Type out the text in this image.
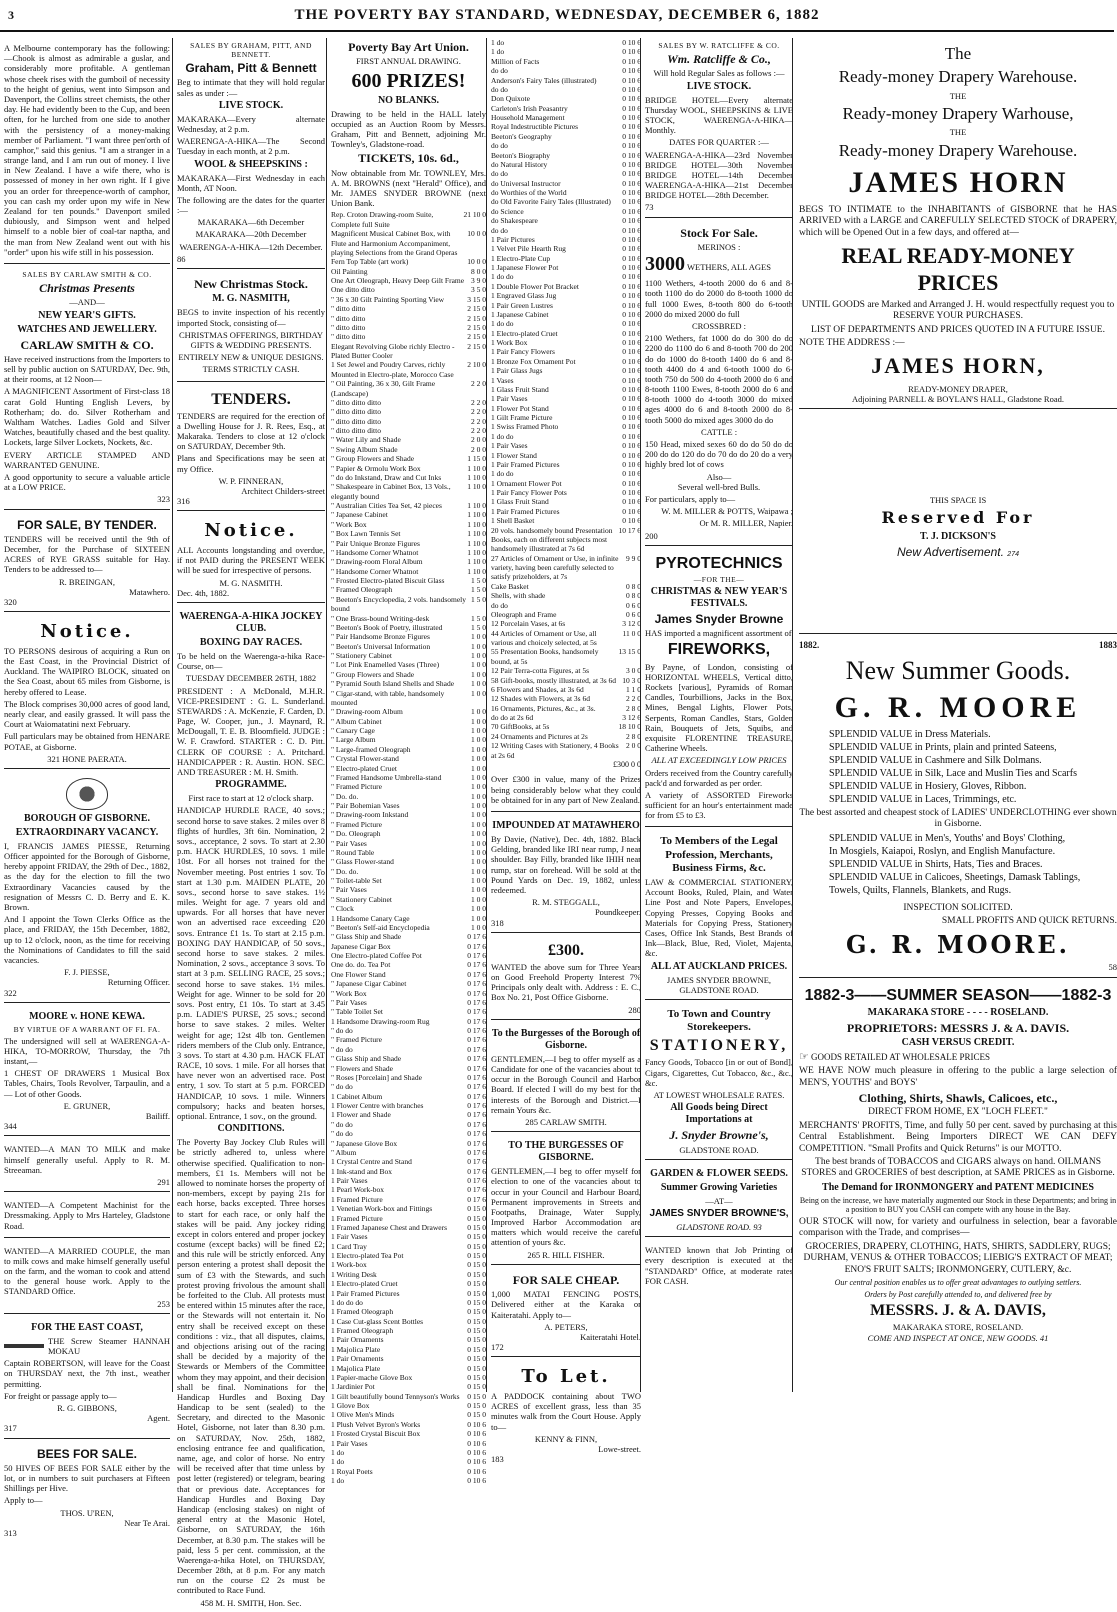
3	THE POVERTY BAY STANDARD, WEDNESDAY, DECEMBER 6, 1882

A Melbourne contemporary has the following:—Chook is almost as admirable a guslar, and considerably more profitable. A gentleman whose cheek rises with the gumboil of necessity to the height of genius, went into Simpson and Davenport, the Collins street chemists, the other day. He had evidently been to the Cup, and been often, for he lurched from one side to another with the persistency of a money-making member of Parliament. "I want three pen'orth of camphor," said this genius. "I am a stranger in a strange land, and I am run out of money. I live in New Zealand. I have a wife there, who is possessed of money in her own right. If I give you an order for threepence-worth of camphor, you can cash my order upon my wife in New Zealand for ten pounds." Davenport smiled dubiously, and Simpson went and helped himself to a noble bier of coal-tar naptha, and the man from New Zealand went out with his "order" upon his wife still in his possession.

SALES BY CARLAW SMITH & CO.
Christmas Presents
—AND—
NEW YEAR'S GIFTS.
WATCHES AND JEWELLERY.
CARLAW SMITH & CO.

Have received instructions from the Importers to sell by public auction on SATURDAY, Dec. 9th, at their rooms, at 12 Noon—

A MAGNIFICENT Assortment of First-class 18 carat Gold Hunting English Levers, by Rotherham; do. do. Silver Rotherham and Waltham Watches. Ladies Gold and Silver Watches, beautifully chased and the best quality. Lockets, large Silver Lockets, Nockets, &c.

EVERY ARTICLE STAMPED AND WARRANTED GENUINE.

A good opportunity to secure a valuable article at a LOW PRICE.

323
FOR SALE, BY TENDER.

TENDERS will be received until the 9th of December, for the Purchase of SIXTEEN ACRES of RYE GRASS suitable for Hay. Tenders to be addressed to—

R. BREINGAN,
Matawhero.
320
Notice.

TO PERSONS desirous of acquiring a Run on the East Coast, in the Provincial District of Auckland. The WAIPIRO BLOCK, situated on the Sea Coast, about 65 miles from Gisborne, is hereby offered to Lease.

The Block comprises 30,000 acres of good land, nearly clear, and easily grassed. It will pass the Court at Waiomatatini next February.

Full particulars may be obtained from HENARE POTAE, at Gisborne.

321 HONE PAERATA.
BOROUGH OF GISBORNE.
EXTRAORDINARY VACANCY.

I, FRANCIS JAMES PIESSE, Returning Officer appointed for the Borough of Gisborne, hereby appoint FRIDAY, the 29th of Dec., 1882, as the day for the election to fill the two Extraordinary Vacancies caused by the resignation of Messrs C. D. Berry and E. K. Brown.

And I appoint the Town Clerks Office as the place, and FRIDAY, the 15th December, 1882, up to 12 o'clock, noon, as the time for receiving the Nominations of Candidates to fill the said vacancies.

F. J. PIESSE,
Returning Officer.
322
MOORE v. HONE KEWA.
BY VIRTUE OF A WARRANT OF FI. FA.

The undersigned will sell at WAERENGA-A-HIKA, TO-MORROW, Thursday, the 7th instant,—

1 CHEST OF DRAWERS 1 Musical Box Tables, Chairs, Tools Revolver, Tarpaulin, and a— Lot of other Goods.

E. GRUNER,
Bailiff.
344

WANTED—A MAN TO MILK and make himself generally useful. Apply to R. M. Streeaman.

291

WANTED—A Competent Machinist for the Dressmaking. Apply to Mrs Harteley, Gladstone Road.

WANTED—A MARRIED COUPLE, the man to milk cows and make himself generally useful on the farm, and the woman to cook and attend to the general house work. Apply to the STANDARD Office.

253
FOR THE EAST COAST,

THE Screw Steamer HANNAH MOKAU

Captain ROBERTSON, will leave for the Coast on THURSDAY next, the 7th inst., weather permitting.

For freight or passage apply to—

R. G. GIBBONS,
Agent.
317
BEES FOR SALE.

50 HIVES OF BEES FOR SALE either by the lot, or in numbers to suit purchasers at Fifteen Shillings per Hive.

Apply to—

THOS. U'REN,
Near Te Arai.
313
SALES BY GRAHAM, PITT, AND BENNETT.
Graham, Pitt & Bennett

Beg to intimate that they will hold regular sales as under :—

LIVE STOCK.

MAKARAKA—Every alternate Wednesday, at 2 p.m.

WAERENGA-A-HIKA—The Second Tuesday in each month, at 2 p.m.

WOOL & SHEEPSKINS :

MAKARAKA—First Wednesday in each Month, AT Noon.

The following are the dates for the quarter :—

MAKARAKA—6th December

MAKARAKA—20th December

WAERENGA-A-HIKA—12th December.

86
New Christmas Stock.
M. G. NASMITH,

BEGS to invite inspection of his recently imported Stock, consisting of—

CHRISTMAS OFFERINGS, BIRTHDAY GIFTS & WEDDING PRESENTS.

ENTIRELY NEW & UNIQUE DESIGNS.

TERMS STRICTLY CASH.

TENDERS.

TENDERS are required for the erection of a Dwelling House for J. R. Rees, Esq., at Makaraka. Tenders to close at 12 o'clock on SATURDAY, December 9th.

Plans and Specifications may be seen at my Office.

W. P. FINNERAN,
Architect Childers-street
316
Notice.

ALL Accounts longstanding and overdue, if not PAID during the PRESENT WEEK will be sued for irrespective of persons.

M. G. NASMITH.
Dec. 4th, 1882.
WAERENGA-A-HIKA JOCKEY CLUB.
BOXING DAY RACES.

To be held on the Waerenga-a-hika Race-Course, on—

TUESDAY DECEMBER 26TH, 1882

PRESIDENT : A McDonald, M.H.R. VICE-PRESIDENT : G. L. Sunderland. STEWARDS : A. McKenzie, F. Carden, D. Page, W. Cooper, jun., J. Maynard, R. McDougall, T. E. B. Bloomfield. JUDGE : W. F. Crawford. STARTER : C. D. Pitt. CLERK OF COURSE : A. Pritchard. HANDICAPPER : R. Austin. HON. SEC. AND TREASURER : M. H. Smith.

PROGRAMME.

First race to start at 12 o'clock sharp.

HANDICAP HURDLE RACE, 40 sovs.; second horse to save stakes. 2 miles over 8 flights of hurdles, 3ft 6in. Nomination, 2 sovs., acceptance, 2 sovs. To start at 2.30 p.m. HACK HURDLES, 10 sovs. 1 mile 10st. For all horses not trained for the November meeting. Post entries 1 sov. To start at 1.30 p.m. MAIDEN PLATE, 20 sovs., second horse to save stakes. 1½ miles. Weight for age. 7 years old and upwards. For all horses that have never won an advertised race exceeding £20 sovs. Entrance £1 1s. To start at 2.15 p.m. BOXING DAY HANDICAP, of 50 sovs., second horse to save stakes. 2 miles. Nomination, 2 sovs., acceptance 3 sovs. To start at 3 p.m. SELLING RACE, 25 sovs.; second horse to save stakes. 1½ miles. Weight for age. Winner to be sold for 20 sovs. Post entry, £1 10s. To start at 3.45 p.m. LADIE'S PURSE, 25 sovs.; second horse to save stakes. 2 miles. Welter weight for age; 12st 4lb ton. Gentlemen riders members of the Club only. Entrance, 3 sovs. To start at 4.30 p.m. HACK FLAT RACE, 10 sovs. 1 mile. For all horses that have never won an advertised race. Post entry, 1 sov. To start at 5 p.m. FORCED HANDICAP, 10 sovs. 1 mile. Winners compulsory; hacks and beaten horses, optional. Entrance, 1 sov., on the ground.

CONDITIONS.

The Poverty Bay Jockey Club Rules will be strictly adhered to, unless where otherwise specified. Qualification to non-members, £1 1s. Members will not be allowed to nominate horses the property of non-members, except by paying 21s for each horse, backs excepted. Three horses to start for each race, or only half the stakes will be paid. Any jockey riding except in colors entered and proper jockey costume (except backs) will be fined £2; and this rule will be strictly enforced. Any person entering a protest shall deposit the sum of £3 with the Stewards, and such protest proving frivolous the amount shall be forfeited to the Club. All protests must be entered within 15 minutes after the race, or the Stewards will not entertain it. No entry shall be received except on these conditions : viz., that all disputes, claims, and objections arising out of the racing shall be decided by a majority of the Stewards or Members of the Committee whom they may appoint, and their decision shall be final. Nominations for the Handicap Hurdles and Boxing Day Handicap to be sent (sealed) to the Secretary, and directed to the Masonic Hotel, Gisborne, not later than 8.30 p.m. on SATURDAY, Nov. 25th, 1882, enclosing entrance fee and qualification, name, age, and color of horse. No entry will be received after that time unless by post letter (registered) or telegram, bearing that or previous date. Acceptances for Handicap Hurdles and Boxing Day Handicap (enclosing stakes) on night of general entry at the Masonic Hotel, Gisborne, on SATURDAY, the 16th December, at 8.30 p.m. The stakes will be paid, less 5 per cent. commission, at the Waerenga-a-hika Hotel, on THURSDAY, December 28th, at 8 p.m. For any match run on the course £2 2s must be contributed to Race Fund.

458 M. H. SMITH, Hon. Sec.
Poverty Bay Art Union.
FIRST ANNUAL DRAWING.
600 PRIZES!
NO BLANKS.

Drawing to be held in the HALL lately occupied as an Auction Room by Messrs. Graham, Pitt and Bennett, adjoining Mr. Townley's, Gladstone-road.

TICKETS, 10s. 6d.,

Now obtainable from Mr. TOWNLEY, Mrs. A. M. BROWNS (next "Herald" Office), and Mr. JAMES SNYDER BROWNE (next Union Bank.

Rep. Croton Drawing-room Suite, Complete full Suite
21 10 0
Magnificent Musical Cabinet Box, with Flute and Harmonium Accompaniment, playing Selections from the Grand Operas
10 0 0
Fern Top Table (art work)	10 0 0
Oil Painting	8 0 0
One Art Oleograph, Heavy Deep Gilt Frame 3 9 0
One ditto ditto	3 5 0
" 36 x 30 Gilt Painting Sporting View	3 15 0
" ditto ditto	2 15 0
" ditto ditto	2 15 0
" ditto ditto	2 15 0
" ditto ditto	2 15 0
Elegant Revolving Globe richly Electro - Plated Butter Cooler
2 15 0
1 Set Jewel and Poudry Carves, richly Mounted in Electro-plate, Morocco Case
2 10 0
" Oil Painting, 36 x 30, Gilt Frame (Landscape)
2 2 0
" ditto ditto ditto	2 2 0
" ditto ditto ditto	2 2 0
" ditto ditto ditto	2 2 0
" ditto ditto ditto	2 2 0
" Water Lily and Shade	2 0 0
" Swing Album Shade	2 0 0
" Group Flowers and Shade	1 15 0
" Papier & Ormolu Work Box	1 10 0
" do do Inkstand, Draw and Cut Inks	1 10 0
" Shakespeare in Cabinet Box, 13 Vols., elegantly bound
1 10 0
" Australian Cities Tea Set, 42 pieces	1 10 0
" Japanese Cabinet	1 10 0
" Work Box	1 10 0
" Box Lawn Tennis Set	1 10 0
" Pair Unique Bronze Figures	1 10 0
" Handsome Corner Whatnot	1 10 0
" Drawing-room Floral Album	1 10 0
" Handsome Corner Whatnot	1 10 0
" Frosted Electro-plated Biscuit Glass	1 5 0
" Framed Oleograph	1 5 0
" Beeton's Encyclopedia, 2 vols. handsomely bound
1 5 0
" One Brass-bound Writing-desk	1 5 0
" Beeton's Book of Poetry, illustrated	1 5 0
" Pair Handsome Bronze Figures	1 0 0
" Beeton's Universal Information	1 0 0
" Stationery Cabinet	1 0 0
" Lot Pink Enamelled Vases (Three)	1 0 0
" Group Flowers and Shade	1 0 0
" Pyramid South Island Shells and Shade	1 0 0
" Cigar-stand, with table, handsomely mounted
1 0 0
" Drawing-room Album	1 0 0
" Album Cabinet	1 0 0
" Canary Cage	1 0 0
" Large Album	1 0 0
" Large-framed Oleograph	1 0 0
" Crystal Flower-stand	1 0 0
" Electro-plated Cruet	1 0 0
" Framed Handsome Umbrella-stand	1 0 0
" Framed Picture	1 0 0
" Do. do.	1 0 0
" Pair Bohemian Vases	1 0 0
" Drawing-room Inkstand	1 0 0
" Framed Picture	1 0 0
" Do. Oleograph	1 0 0
" Pair Vases	1 0 0
" Round Table	1 0 0
" Glass Flower-stand	1 0 0
" Do. do.	1 0 0
" Toilet-table Set	1 0 0
" Pair Vases	1 0 0
" Stationery Cabinet	1 0 0
" Clock	1 0 0
1 Handsome Canary Cage	1 0 0
" Beeton's Self-aid Encyclopedia	1 0 0
" Glass Ship and Shade	0 17 6
Japanese Cigar Box	0 17 6
One Electro-plated Coffee Pot	0 17 6
One do. do. Tea Pot	0 17 6
One Flower Stand	0 17 6
" Japanese Cigar Cabinet	0 17 6
" Work Box	0 17 6
" Pair Vases	0 17 6
" Table Toilet Set	0 17 6
1 Handsome Drawing-room Rug	0 17 6
" do do	0 17 6
" Framed Picture	0 17 6
" do do	0 17 6
" Glass Ship and Shade	0 17 6
" Flowers and Shade	0 17 6
" Roses [Porcelain] and Shade	0 17 6
" do do	0 17 6
1 Cabinet Album	0 17 6
1 Flower Centre with branches	0 17 6
1 Flower and Shade	0 17 6
" do do	0 17 6
" do do	0 17 6
" Japanese Glove Box	0 17 6
" Album	0 17 6
1 Crystal Centre and Stand	0 17 6
1 Ink-stand and Box	0 17 6
1 Pair Vases	0 17 6
1 Pearl Work-box	0 17 6
1 Framed Picture	0 17 6
1 Venetian Work-box and Fittings	0 15 0
1 Framed Picture	0 15 0
1 Framed Japanese Chest and Drawers	0 15 0
1 Fair Vases	0 15 0
1 Card Tray	0 15 0
1 Electro-plated Tea Pot	0 15 0
1 Work-box	0 15 0
1 Writing Desk	0 15 0
1 Electro-plated Cruet	0 15 0
1 Pair Framed Pictures	0 15 0
1 do do do	0 15 0
1 Framed Oleograph	0 15 0
1 Case Cut-glass Scent Bottles	0 15 0
1 Framed Oleograph	0 15 0
1 Pair Ornaments	0 15 0
1 Majolica Plate	0 15 0
1 Pair Ornaments	0 15 0
1 Majolica Plate	0 15 0
1 Papier-mache Glove Box	0 15 0
1 Jardinier Pot	0 15 0
1 Gilt beautifully bound Tennyson's Works	0 15 0
1 Glove Box	0 15 0
1 Olive Men's Minds	0 15 0
1 Plush Velvet Byron's Works	0 10 6
1 Frosted Crystal Biscuit Box	0 10 6
1 Pair Vases	0 10 6
1 do	0 10 6
1 do	0 10 6
1 Royal Poets	0 10 6
1 do	0 10 6
1 do	0 10 6
1 do	0 10 6
Million of Facts	0 10 6
do do	0 10 6
Anderson's Fairy Tales (illustrated)	0 10 6
do do	0 10 6
Don Quixote	0 10 6
Carleton's Irish Peasantry	0 10 6
Household Management	0 10 6
Royal Indestructible Pictures	0 10 6
Beeton's Geography	0 10 6
do do	0 10 6
Beeton's Biography	0 10 6
do Natural History	0 10 6
do do	0 10 6
do Universal Instructor	0 10 6
do Worthies of the World	0 10 6
do Old Favorite Fairy Tales (Illustrated)	0 10 6
do Science	0 10 6
do Shakespeare	0 10 6
do do	0 10 6
1 Pair Pictures	0 10 6
1 Velvet Pile Hearth Rug	0 10 6
1 Electro-Plate Cup	0 10 6
1 Japanese Flower Pot	0 10 6
1 do do	0 10 6
1 Double Flower Pot Bracket	0 10 6
1 Engraved Glass Jug	0 10 6
1 Pair Green Lustres	0 10 6
1 Japanese Cabinet	0 10 6
1 do do	0 10 6
1 Electro-plated Cruet	0 10 6
1 Work Box	0 10 6
1 Pair Fancy Flowers	0 10 6
1 Bronze Fox Ornament Pot	0 10 6
1 Pair Glass Jugs	0 10 6
1 Vases	0 10 6
1 Glass Fruit Stand	0 10 6
1 Pair Vases	0 10 6
1 Flower Pot Stand	0 10 6
1 Gilt Frame Picture	0 10 6
1 Swiss Framed Photo	0 10 6
1 do do	0 10 6
1 Pair Vases	0 10 6
1 Flower Stand	0 10 6
1 Pair Framed Pictures	0 10 6
1 do do	0 10 6
1 Ornament Flower Pot	0 10 6
1 Pair Fancy Flower Pots	0 10 6
1 Glass Fruit Stand	0 10 6
1 Pair Framed Pictures	0 10 6
1 Shell Basket	0 10 6
20 vols. handsomely bound Presentation Books, each on different subjects most handsomely illustrated at 7s 6d
10 17 6
27 Articles of Ornament or Use, in infinite variety, having been carefully selected to satisfy prizeholders, at 7s
9 9 0
Cake Basket	0 8 0
Shells, with shade	0 8 0
do do	0 6 0
Oleograph and Frame	0 6 0
12 Porcelain Vases, at 6s	3 12 0
44 Articles of Ornament or Use, all various and choicely selected, at 5s
11 0 0
55 Presentation Books, handsomely bound, at 5s
13 15 0
12 Pair Terra-cotta Figures, at 5s	3 0 0
58 Gift-books, mostly illustrated, at 3s 6d 10 3 0
6 Flowers and Shades, at 3s 6d	1 1 0
12 Shades with Flowers, at 3s 6d	2 2 0
16 Ornaments, Pictures, &c., at 3s.	2 8 0
do do at 2s 6d	3 12 6
70 GiftBooks, at 5s	18 10 0
24 Ornaments and Pictures at 2s	2 8 0
12 Writing Cases with Stationery, 4 Books at 2s 6d
2 0 0
£300 0 0

Over £300 in value, many of the Prizes being considerably below what they could be obtained for in any part of New Zealand.

IMPOUNDED AT MATAWHERO

By Davie, (Native), Dec. 4th, 1882. Black Gelding, branded like IRI near rump, J near shoulder. Bay Filly, branded like IHIH near rump, star on forehead. Will be sold at the Pound Yards on Dec. 19, 1882, unless redeemed.

R. M. STEGGALL,
Poundkeeper.
318
£300.

WANTED the above sum for Three Years on Good Freehold Property Interest 7% Principals only dealt with. Address : E. C., Box No. 21, Post Office Gisborne.

280
To the Burgesses of the Borough of Gisborne.

GENTLEMEN,—I beg to offer myself as a Candidate for one of the vacancies about to occur in the Borough Council and Harbor Board. If elected I will do my best for the interests of the Borough and District.—I remain Yours &c.

285 CARLAW SMITH.
TO THE BURGESSES OF GISBORNE.

GENTLEMEN,—I beg to offer myself for election to one of the vacancies about to occur in your Council and Harbour Board, Permanent improvements in Streets and Footpaths, Drainage, Water Supply, Improved Harbor Accommodation are matters which would receive the careful attention of yours &c.

265 R. HILL FISHER.
FOR SALE CHEAP.

1,000 MATAI FENCING POSTS, Delivered either at the Karaka or Kaiteratahi. Apply to—

A. PETERS,
Kaiteratahi Hotel.
172
To Let.

A PADDOCK containing about TWO ACRES of excellent grass, less than 35 minutes walk from the Court House. Apply to—

KENNY & FINN,
Lowe-street.
183
SALES BY W. RATCLIFFE & CO.
Wm. Ratcliffe & Co.,

Will hold Regular Sales as follows :—

LIVE STOCK.

BRIDGE HOTEL—Every alternate Thursday WOOL, SHEEPSKINS & LIVE STOCK, WAERENGA-A-HIKA—Monthly.

DATES FOR QUARTER :—

WAERENGA-A-HIKA—23rd November BRIDGE HOTEL—30th November BRIDGE HOTEL—14th December WAERENGA-A-HIKA—21st December BRIDGE HOTEL—28th December.

73
Stock For Sale.
MERINOS :
3000 WETHERS, ALL AGES

1100 Wethers, 4-tooth 2000 do 6 and 8-tooth 1100 do do 2000 do 8-tooth 1000 do full 1000 Ewes, 8-tooth 800 do 6-tooth 2000 do mixed 2000 do full

CROSSBRED :

2100 Wethers, fat 1000 do do 300 do do 2200 do 1100 do 6 and 8-tooth 700 do 200 do do 1000 do 8-tooth 1400 do 6 and 8-tooth 4400 do 4 and 6-tooth 1000 do 6-tooth 750 do 500 do 4-tooth 2000 do 6 and 8-tooth 1100 Ewes, 8-tooth 2000 do 6 and 8-tooth 1000 do 4-tooth 3000 do mixed ages 4000 do 6 and 8-tooth 2000 do 8-tooth 5000 do mixed ages 3000 do do

CATTLE :

150 Head, mixed sexes 60 do do 50 do do 200 do do 120 do do 70 do do 20 do a very highly bred lot of cows

Also—
Several well-bred Bulls.

For particulars, apply to—

W. M. MILLER & POTTS, Waipawa ;

Or M. R. MILLER, Napier.

200
PYROTECHNICS
—FOR THE—
CHRISTMAS & NEW YEAR'S FESTIVALS.
James Snyder Browne

HAS imported a magnificent assortment of

FIREWORKS,

By Payne, of London, consisting of HORIZONTAL WHEELS, Vertical ditto, Rockets [various], Pyramids of Roman Candles, Tourbillions, Jacks in the Box, Mines, Bengal Lights, Flower Pots, Serpents, Roman Candles, Stars, Golden Rain, Bouquets of Jets, Squibs, and exquisite FLORENTINE TREASURE, Catherine Wheels.

ALL AT EXCEEDINGLY LOW PRICES

Orders received from the Country carefully pack'd and forwarded as per order.

A variety of ASSORTED Fireworks sufficient for an hour's entertainment made for from £5 to £3.

To Members of the Legal Profession, Merchants, Business Firms, &c.

LAW & COMMERCIAL STATIONERY, Account Books, Ruled, Plain, and Water Line Post and Note Papers, Envelopes, Copying Presses, Copying Books and Materials for Copying Press, Stationery Cases, Office Ink Stands, Best Brands of Ink—Black, Blue, Red, Violet, Majenta, &c.

ALL AT AUCKLAND PRICES.
JAMES SNYDER BROWNE,
GLADSTONE ROAD.
To Town and Country Storekeepers.
STATIONERY,

Fancy Goods, Tobacco [in or out of Bond], Cigars, Cigarettes, Cut Tobacco, &c., &c., &c.

AT LOWEST WHOLESALE RATES.

All Goods being Direct Importations at
J. Snyder Browne's,
GLADSTONE ROAD.
GARDEN & FLOWER SEEDS.
Summer Growing Varieties
—AT—
JAMES SNYDER BROWNE'S,
GLADSTONE ROAD. 93

WANTED known that Job Printing of every description is executed at the "STANDARD" Office, at moderate rates FOR CASH.

The
Ready-money Drapery Warehouse.
THE
Ready-money Drapery Warhouse,
THE
Ready-money Drapery Warehouse.
JAMES HORN

BEGS TO INTIMATE to the INHABITANTS of GISBORNE that he HAS ARRIVED with a LARGE and CAREFULLY SELECTED STOCK of DRAPERY, which will be Opened Out in a few days, and offered at—

REAL READY-MONEY PRICES

UNTIL GOODS are Marked and Arranged J. H. would respectfully request you to RESERVE YOUR PURCHASES.

LIST OF DEPARTMENTS AND PRICES QUOTED IN A FUTURE ISSUE.

NOTE THE ADDRESS :—

JAMES HORN,
READY-MONEY DRAPER,
Adjoining PARNELL & BOYLAN'S HALL, Gladstone Road.
THIS SPACE IS
Reserved For
T. J. DICKSON'S
New Advertisement. 274
1882.	1883
New Summer Goods.
G. R. MOORE
SPLENDID VALUE in Dress Materials.
SPLENDID VALUE in Prints, plain and printed Sateens,
SPLENDID VALUE in Cashmere and Silk Dolmans.
SPLENDID VALUE in Silk, Lace and Muslin Ties and Scarfs
SPLENDID VALUE in Hosiery, Gloves, Ribbon.
SPLENDID VALUE in Laces, Trimmings, etc.

The best assorted and cheapest stock of LADIES' UNDERCLOTHING ever shown in Gisborne.

SPLENDID VALUE in Men's, Youths' and Boys' Clothing,
In Mosgiels, Kaiapoi, Roslyn, and English Manufacture.
SPLENDID VALUE in Shirts, Hats, Ties and Braces.
SPLENDID VALUE in Calicoes, Sheetings, Damask Tablings,
Towels, Quilts, Flannels, Blankets, and Rugs.

INSPECTION SOLICITED.

SMALL PROFITS AND QUICK RETURNS.

G. R. MOORE.
58
1882-3——SUMMER SEASON——1882-3
MAKARAKA STORE - - - - ROSELAND.
PROPRIETORS: MESSRS J. & A. DAVIS.
CASH VERSUS CREDIT.
☞ GOODS RETAILED AT WHOLESALE PRICES

WE HAVE NOW much pleasure in offering to the public a large selection of MEN'S, YOUTHS' and BOYS'

Clothing, Shirts, Shawls, Calicoes, etc.,

DIRECT FROM HOME, EX "LOCH FLEET."

MERCHANTS' PROFITS, Time, and fully 50 per cent. saved by purchasing at this Central Establishment. Being Importers DIRECT WE CAN DEFY COMPETITION. "Small Profits and Quick Returns" is our MOTTO.

The best brands of TOBACCOS and CIGARS always on hand. OILMANS STORES and GROCERIES of best description, at SAME PRICES as in Gisborne.

The Demand for IRONMONGERY and PATENT MEDICINES

Being on the increase, we have materially augmented our Stock in these Departments; and bring in a position to BUY you CASH can compete with any house in the Bay.

OUR STOCK will now, for variety and ourfulness in selection, bear a favorable comparison with the Trade, and comprises—

GROCERIES, DRAPERY, CLOTHING, HATS, SHIRTS, SADDLERY, RUGS; DURHAM, VENUS & OTHER TOBACCOS; LIEBIG'S EXTRACT OF MEAT; ENO'S FRUIT SALTS; IRONMONGERY, CUTLERY, &c.

Our central position enables us to offer great advantages to outlying settlers.

Orders by Post carefully attended to, and delivered free by

MESSRS. J. & A. DAVIS,
MAKARAKA STORE, ROSELAND.
COME AND INSPECT AT ONCE, NEW GOODS. 41
